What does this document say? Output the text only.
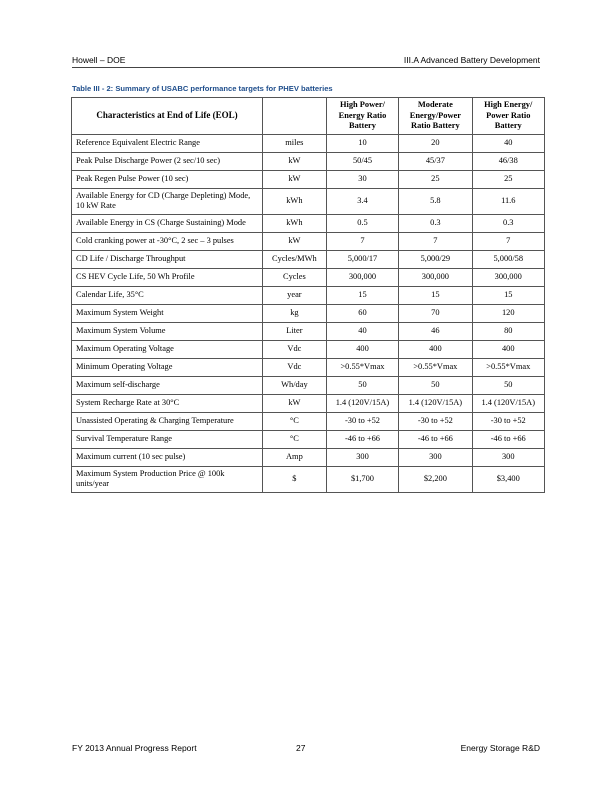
Howell – DOE	III.A Advanced Battery Development
Table III - 2: Summary of USABC performance targets for PHEV batteries
Characteristics at End of Life (EOL)		High Power/ Energy Ratio Battery	Moderate Energy/Power Ratio Battery	High Energy/ Power Ratio Battery
Reference Equivalent Electric Range	miles	10	20	40
Peak Pulse Discharge Power (2 sec/10 sec)	kW	50/45	45/37	46/38
Peak Regen Pulse Power (10 sec)	kW	30	25	25
Available Energy for CD (Charge Depleting) Mode, 10 kW Rate	kWh	3.4	5.8	11.6
Available Energy in CS (Charge Sustaining) Mode	kWh	0.5	0.3	0.3
Cold cranking power at -30°C, 2 sec – 3 pulses	kW	7	7	7
CD Life / Discharge Throughput	Cycles/MWh	5,000/17	5,000/29	5,000/58
CS HEV Cycle Life, 50 Wh Profile	Cycles	300,000	300,000	300,000
Calendar Life, 35°C	year	15	15	15
Maximum System Weight	kg	60	70	120
Maximum System Volume	Liter	40	46	80
Maximum Operating Voltage	Vdc	400	400	400
Minimum Operating Voltage	Vdc	>0.55*Vmax	>0.55*Vmax	>0.55*Vmax
Maximum self-discharge	Wh/day	50	50	50
System Recharge Rate at 30°C	kW	1.4 (120V/15A)	1.4 (120V/15A)	1.4 (120V/15A)
Unassisted Operating & Charging Temperature	°C	-30 to +52	-30 to +52	-30 to +52
Survival Temperature Range	°C	-46 to +66	-46 to +66	-46 to +66
Maximum current (10 sec pulse)	Amp	300	300	300
Maximum System Production Price @ 100k units/year	$	$1,700	$2,200	$3,400
FY 2013 Annual Progress Report	27	Energy Storage R&D
